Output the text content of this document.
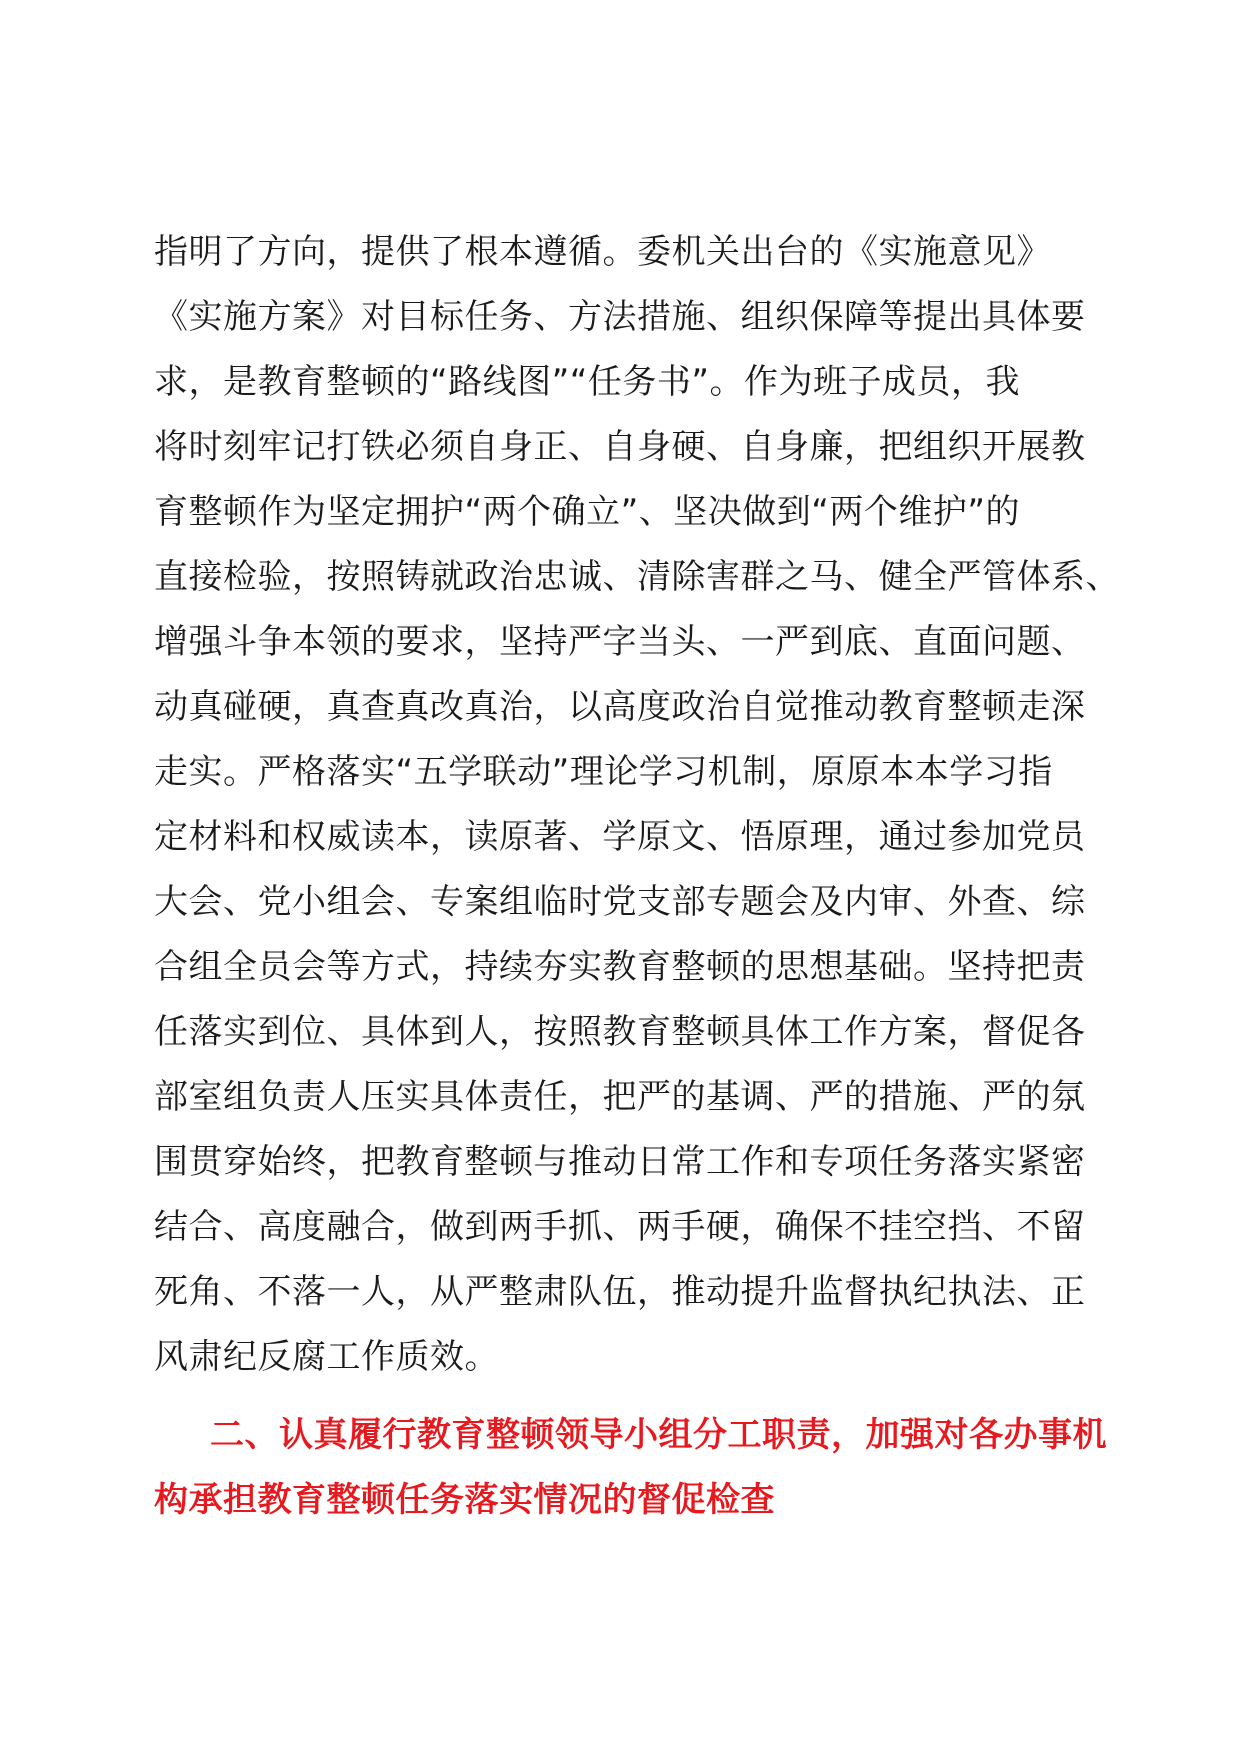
指明了方向，提供了根本遵循。委机关出台的《实施意见》
《实施方案》对目标任务、方法措施、组织保障等提出具体要
求，是教育整顿的“路线图”“任务书”。作为班子成员，我
将时刻牢记打铁必须自身正、自身硬、自身廉，把组织开展教
育整顿作为坚定拥护“两个确立”、坚决做到“两个维护”的
直接检验，按照铸就政治忠诚、清除害群之马、健全严管体系、
增强斗争本领的要求，坚持严字当头、一严到底、直面问题、
动真碰硬，真查真改真治，以高度政治自觉推动教育整顿走深
走实。严格落实“五学联动”理论学习机制，原原本本学习指
定材料和权威读本，读原著、学原文、悟原理，通过参加党员
大会、党小组会、专案组临时党支部专题会及内审、外查、综
合组全员会等方式，持续夯实教育整顿的思想基础。坚持把责
任落实到位、具体到人，按照教育整顿具体工作方案，督促各
部室组负责人压实具体责任，把严的基调、严的措施、严的氛
围贯穿始终，把教育整顿与推动日常工作和专项任务落实紧密
结合、高度融合，做到两手抓、两手硬，确保不挂空挡、不留
死角、不落一人，从严整肃队伍，推动提升监督执纪执法、正
风肃纪反腐工作质效。
二、认真履行教育整顿领导小组分工职责，加强对各办事机
构承担教育整顿任务落实情况的督促检查
